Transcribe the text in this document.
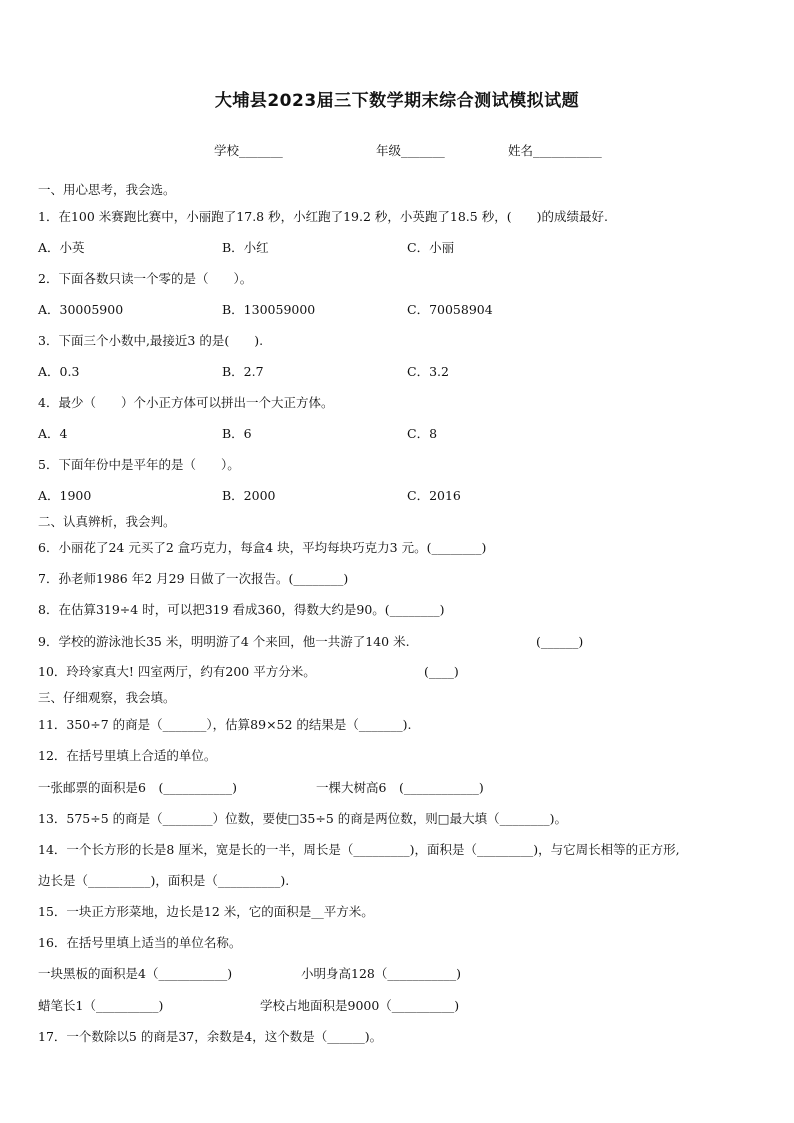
大埔县2023届三下数学期末综合测试模拟试题
学校_______	年级_______	姓名___________
一、用心思考，我会选。
1．在100 米赛跑比赛中，小丽跑了17.8 秒，小红跑了19.2 秒，小英跑了18.5 秒，(　　)的成绩最好.
A．小英	B．小红	C．小丽
2．下面各数只读一个零的是（　　）。
A．30005900	B．130059000	C．70058904
3．下面三个小数中,最接近3 的是(　　).
A．0.3	B．2.7	C．3.2
4．最少（　　）个小正方体可以拼出一个大正方体。
A．4	B．6	C．8
5．下面年份中是平年的是（　　）。
A．1900	B．2000	C．2016
二、认真辨析，我会判。
6．小丽花了24 元买了2 盒巧克力，每盒4 块，平均每块巧克力3 元。(________)
7．孙老师1986 年2 月29 日做了一次报告。(________)
8．在估算319÷4 时，可以把319 看成360，得数大约是90。(________)
9．学校的游泳池长35 米，明明游了4 个来回，他一共游了140 米.	(______)
10．玲玲家真大! 四室两厅，约有200 平方分米。	(____)
三、仔细观察，我会填。
11．350÷7 的商是（_______），估算89×52 的结果是（_______).
12．在括号里填上合适的单位。
一张邮票的面积是6　(___________)	一棵大树高6　(____________)
13．575÷5 的商是（________）位数，要使□35÷5 的商是两位数，则□最大填（________)。
14．一个长方形的长是8 厘米，宽是长的一半，周长是（_________)，面积是（_________)，与它周长相等的正方形,
边长是（__________)，面积是（__________).
15．一块正方形菜地，边长是12 米，它的面积是__平方米。
16．在括号里填上适当的单位名称。
一块黑板的面积是4（___________)	小明身高128（___________)
蜡笔长1（__________)	学校占地面积是9000（__________)
17．一个数除以5 的商是37，余数是4，这个数是（______)。
